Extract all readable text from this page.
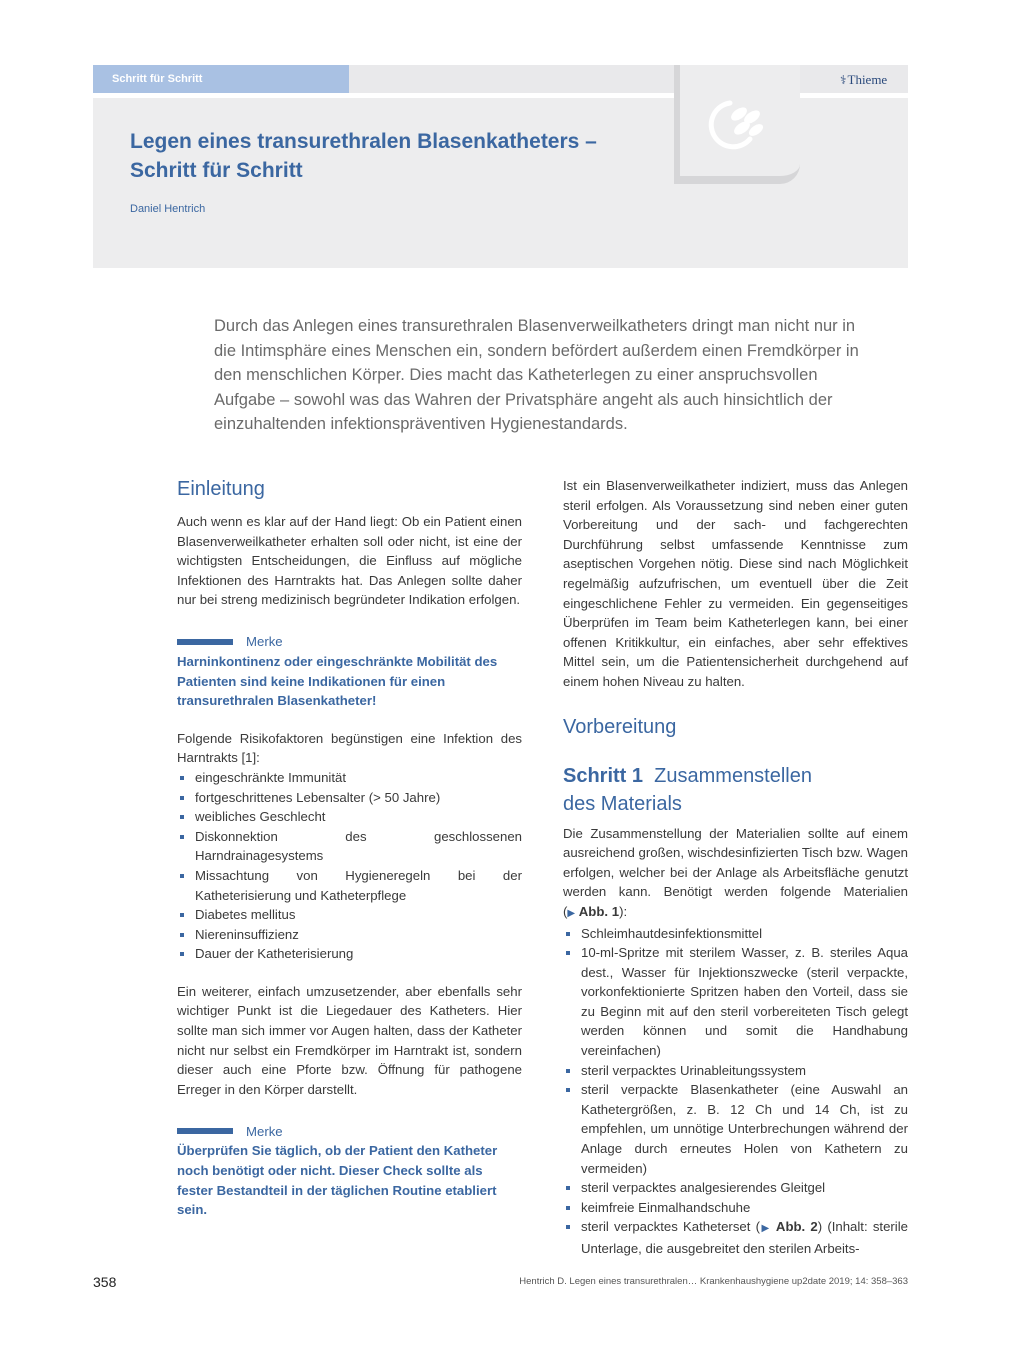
Schritt für Schritt	⚕Thieme
Legen eines transurethralen Blasenkatheters –
Schritt für Schritt
Daniel Hentrich

Durch das Anlegen eines transurethralen Blasenverweilkatheters dringt man nicht nur in die Intimsphäre eines Menschen ein, sondern befördert außerdem einen Fremdkörper in den menschlichen Körper. Dies macht das Katheterlegen zu einer anspruchsvollen Aufgabe – sowohl was das Wahren der Privatsphäre angeht als auch hinsichtlich der einzuhaltenden infektionspräventiven Hygienestandards.

Einleitung

Auch wenn es klar auf der Hand liegt: Ob ein Patient einen Blasenverweilkatheter erhalten soll oder nicht, ist eine der wichtigsten Entscheidungen, die Einfluss auf mögliche Infektionen des Harntrakts hat. Das Anlegen sollte daher nur bei streng medizinisch begründeter Indikation erfolgen.

Merke

Harninkontinenz oder eingeschränkte Mobilität des Patienten sind keine Indikationen für einen transurethralen Blasenkatheter!

Folgende Risikofaktoren begünstigen eine Infektion des Harntrakts [1]:

eingeschränkte Immunität
fortgeschrittenes Lebensalter (> 50 Jahre)
weibliches Geschlecht
Diskonnektion des geschlossenen Harndrainagesystems
Missachtung von Hygieneregeln bei der Katheterisierung und Katheterpflege
Diabetes mellitus
Niereninsuffizienz
Dauer der Katheterisierung

Ein weiterer, einfach umzusetzender, aber ebenfalls sehr wichtiger Punkt ist die Liegedauer des Katheters. Hier sollte man sich immer vor Augen halten, dass der Katheter nicht nur selbst ein Fremdkörper im Harntrakt ist, sondern dieser auch eine Pforte bzw. Öffnung für pathogene Erreger in den Körper darstellt.

Merke

Überprüfen Sie täglich, ob der Patient den Katheter noch benötigt oder nicht. Dieser Check sollte als fester Bestandteil in der täglichen Routine etabliert sein.

Ist ein Blasenverweilkatheter indiziert, muss das Anlegen steril erfolgen. Als Voraussetzung sind neben einer guten Vorbereitung und der sach- und fachgerechten Durchführung selbst umfassende Kenntnisse zum aseptischen Vorgehen nötig. Diese sind nach Möglichkeit regelmäßig aufzufrischen, um eventuell über die Zeit eingeschlichene Fehler zu vermeiden. Ein gegenseitiges Überprüfen im Team beim Katheterlegen kann, bei einer offenen Kritikkultur, ein einfaches, aber sehr effektives Mittel sein, um die Patientensicherheit durchgehend auf einem hohen Niveau zu halten.

Vorbereitung
Schritt 1 Zusammenstellen
des Materials

Die Zusammenstellung der Materialien sollte auf einem ausreichend großen, wischdesinfizierten Tisch bzw. Wagen erfolgen, welcher bei der Anlage als Arbeitsfläche genutzt werden kann. Benötigt werden folgende Materialien (▶ Abb. 1):

Schleimhautdesinfektionsmittel
10-ml-Spritze mit sterilem Wasser, z. B. steriles Aqua dest., Wasser für Injektionszwecke (steril verpackte, vorkonfektionierte Spritzen haben den Vorteil, dass sie zu Beginn mit auf den steril vorbereiteten Tisch gelegt werden können und somit die Handhabung vereinfachen)
steril verpacktes Urinableitungssystem
steril verpackte Blasenkatheter (eine Auswahl an Kathetergrößen, z. B. 12 Ch und 14 Ch, ist zu empfehlen, um unnötige Unterbrechungen während der Anlage durch erneutes Holen von Kathetern zu vermeiden)
steril verpacktes analgesierendes Gleitgel
keimfreie Einmalhandschuhe
steril verpacktes Katheterset (▶ Abb. 2) (Inhalt: sterile Unterlage, die ausgebreitet den sterilen Arbeits-
358	Hentrich D. Legen eines transurethralen… Krankenhaushygiene up2date 2019; 14: 358–363
